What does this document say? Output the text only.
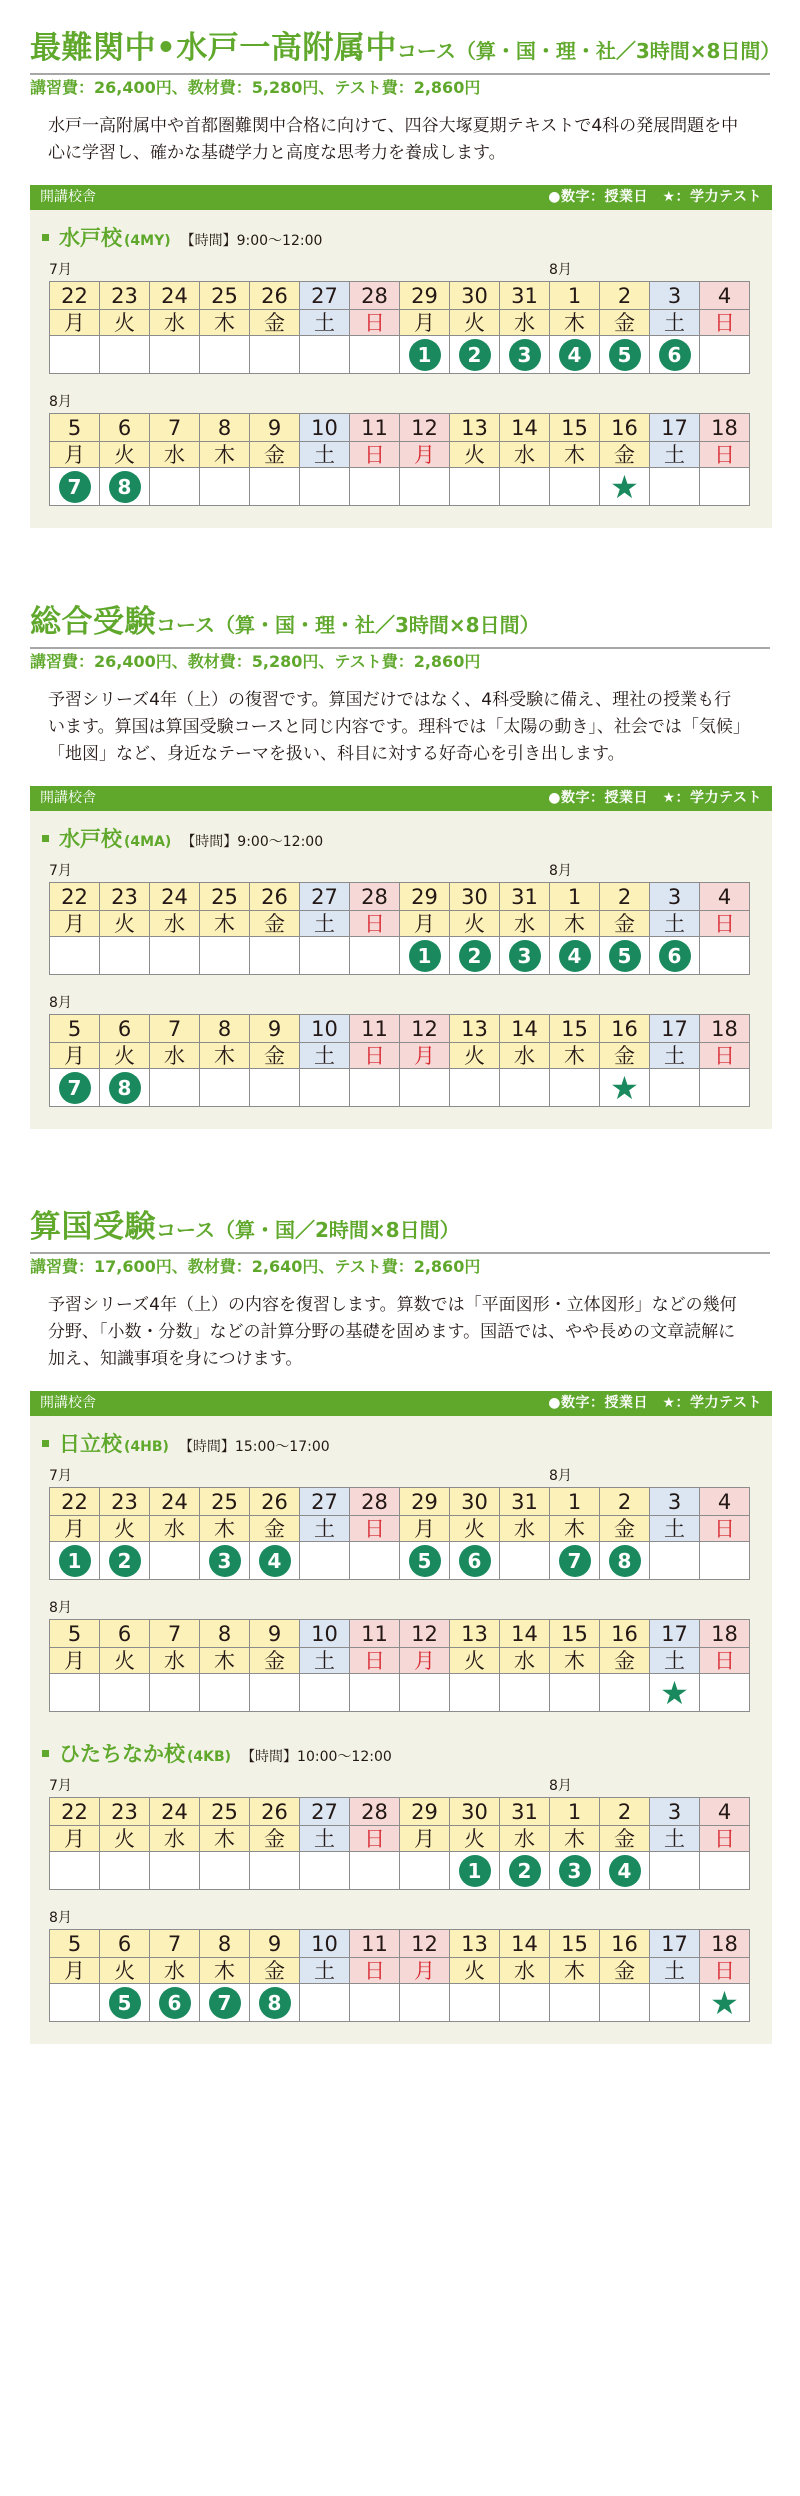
最難関中•水戸一高附属中コース（算・国・理・社／3時間×8日間）
講習費：26,400円、教材費：5,280円、テスト費：2,860円

水戸一高附属中や首都圏難関中合格に向けて、四谷大塚夏期テキストで4科の発展問題を中心に学習し、確かな基礎学力と高度な思考力を養成します。

開講校舎	●数字：授業日　★：学力テスト
水戸校 (4MY) 【時間】9:00～12:00
7月	8月
22	23	24	25	26	27	28	29	30	31	1	2	3	4
月	火	水	木	金	土	日	月	火	水	木	金	土	日
							1	2	3	4	5	6	
8月
5	6	7	8	9	10	11	12	13	14	15	16	17	18
月	火	水	木	金	土	日	月	火	水	木	金	土	日
7	8										★		
総合受験コース（算・国・理・社／3時間×8日間）
講習費：26,400円、教材費：5,280円、テスト費：2,860円

予習シリーズ4年（上）の復習です。算国だけではなく、4科受験に備え、理社の授業も行います。算国は算国受験コースと同じ内容です。理科では「太陽の動き」、社会では「気候」「地図」など、身近なテーマを扱い、科目に対する好奇心を引き出します。

開講校舎	●数字：授業日　★：学力テスト
水戸校 (4MA) 【時間】9:00～12:00
7月	8月
22	23	24	25	26	27	28	29	30	31	1	2	3	4
月	火	水	木	金	土	日	月	火	水	木	金	土	日
							1	2	3	4	5	6	
8月
5	6	7	8	9	10	11	12	13	14	15	16	17	18
月	火	水	木	金	土	日	月	火	水	木	金	土	日
7	8										★		
算国受験コース（算・国／2時間×8日間）
講習費：17,600円、教材費：2,640円、テスト費：2,860円

予習シリーズ4年（上）の内容を復習します。算数では「平面図形・立体図形」などの幾何分野、「小数・分数」などの計算分野の基礎を固めます。国語では、やや長めの文章読解に加え、知識事項を身につけます。

開講校舎	●数字：授業日　★：学力テスト
日立校 (4HB) 【時間】15:00～17:00
7月	8月
22	23	24	25	26	27	28	29	30	31	1	2	3	4
月	火	水	木	金	土	日	月	火	水	木	金	土	日
1	2		3	4			5	6		7	8		
8月
5	6	7	8	9	10	11	12	13	14	15	16	17	18
月	火	水	木	金	土	日	月	火	水	木	金	土	日
												★	
ひたちなか校 (4KB) 【時間】10:00～12:00
7月	8月
22	23	24	25	26	27	28	29	30	31	1	2	3	4
月	火	水	木	金	土	日	月	火	水	木	金	土	日
								1	2	3	4		
8月
5	6	7	8	9	10	11	12	13	14	15	16	17	18
月	火	水	木	金	土	日	月	火	水	木	金	土	日
	5	6	7	8									★
